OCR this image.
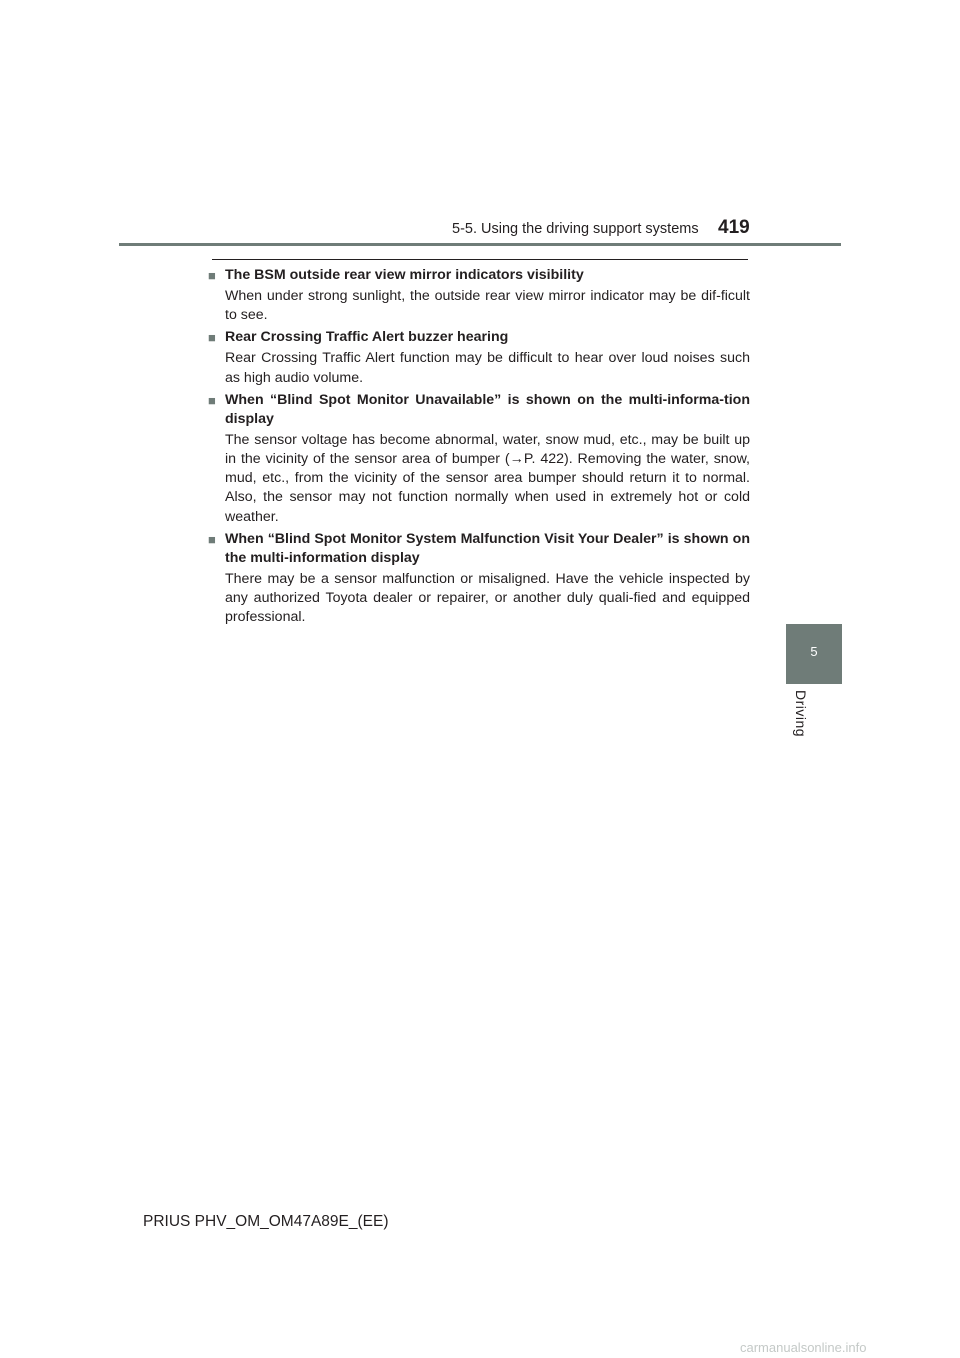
5-5. Using the driving support systems 419
■ The BSM outside rear view mirror indicators visibility
When under strong sunlight, the outside rear view mirror indicator may be dif-ficult to see.
■ Rear Crossing Traffic Alert buzzer hearing
Rear Crossing Traffic Alert function may be difficult to hear over loud noises such as high audio volume.
■ When “Blind Spot Monitor Unavailable” is shown on the multi-informa-tion display
The sensor voltage has become abnormal, water, snow mud, etc., may be built up in the vicinity of the sensor area of bumper (→P. 422). Removing the water, snow, mud, etc., from the vicinity of the sensor area bumper should return it to normal. Also, the sensor may not function normally when used in extremely hot or cold weather.
■ When “Blind Spot Monitor System Malfunction Visit Your Dealer” is shown on the multi-information display
There may be a sensor malfunction or misaligned. Have the vehicle inspected by any authorized Toyota dealer or repairer, or another duly quali-fied and equipped professional.
5
Driving
PRIUS PHV_OM_OM47A89E_(EE)
carmanualsonline.info
